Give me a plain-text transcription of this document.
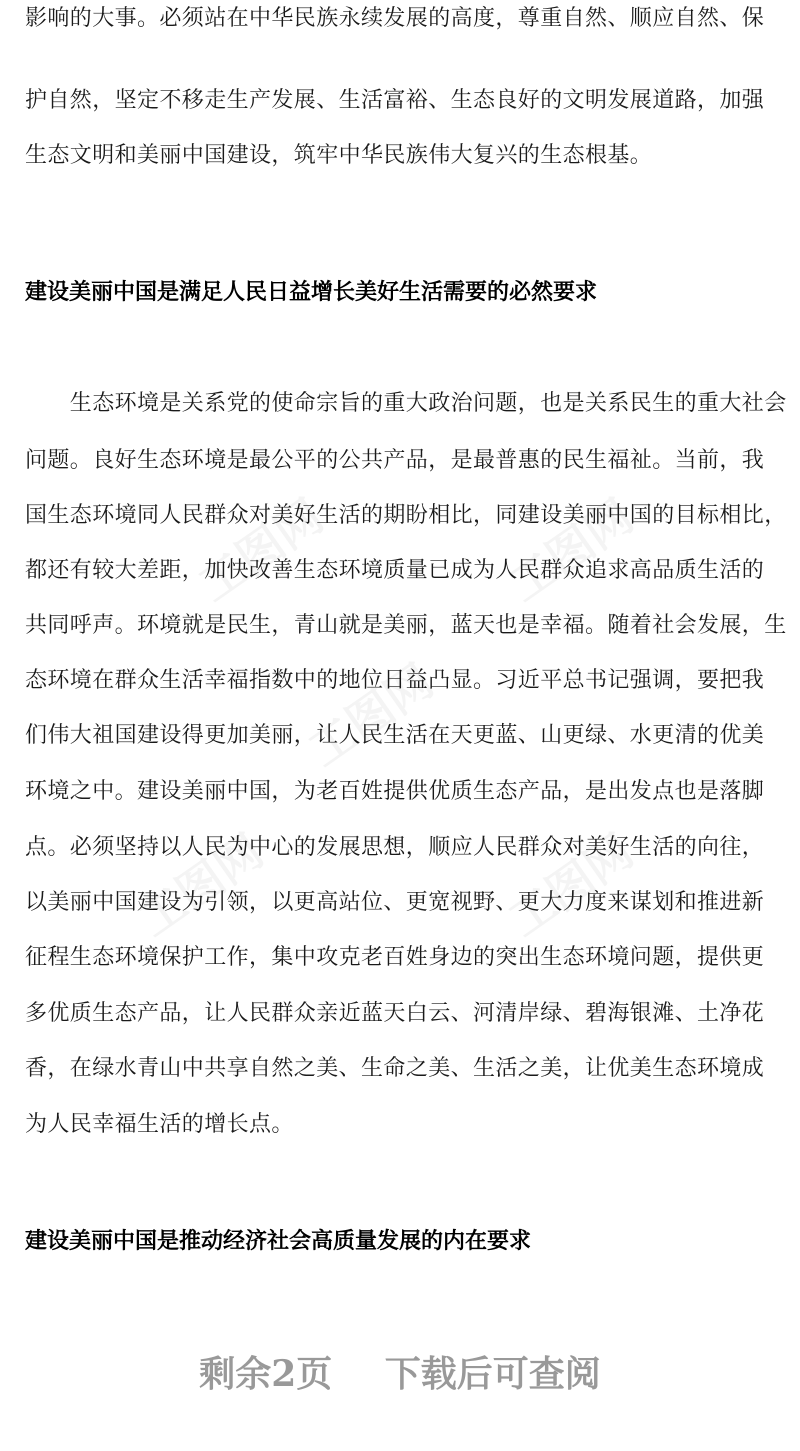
影响的大事。必须站在中华民族永续发展的高度，尊重自然、顺应自然、保
护自然，坚定不移走生产发展、生活富裕、生态良好的文明发展道路，加强
生态文明和美丽中国建设，筑牢中华民族伟大复兴的生态根基。
建设美丽中国是满足人民日益增长美好生活需要的必然要求
　　生态环境是关系党的使命宗旨的重大政治问题，也是关系民生的重大社会
问题。良好生态环境是最公平的公共产品，是最普惠的民生福祉。当前，我
国生态环境同人民群众对美好生活的期盼相比，同建设美丽中国的目标相比，
都还有较大差距，加快改善生态环境质量已成为人民群众追求高品质生活的
共同呼声。环境就是民生，青山就是美丽，蓝天也是幸福。随着社会发展，生
态环境在群众生活幸福指数中的地位日益凸显。习近平总书记强调，要把我
们伟大祖国建设得更加美丽，让人民生活在天更蓝、山更绿、水更清的优美
环境之中。建设美丽中国，为老百姓提供优质生态产品，是出发点也是落脚
点。必须坚持以人民为中心的发展思想，顺应人民群众对美好生活的向往，
以美丽中国建设为引领，以更高站位、更宽视野、更大力度来谋划和推进新
征程生态环境保护工作，集中攻克老百姓身边的突出生态环境问题，提供更
多优质生态产品，让人民群众亲近蓝天白云、河清岸绿、碧海银滩、土净花
香，在绿水青山中共享自然之美、生命之美、生活之美，让优美生态环境成
为人民幸福生活的增长点。
建设美丽中国是推动经济社会高质量发展的内在要求
剩余2页 下载后可查阅
